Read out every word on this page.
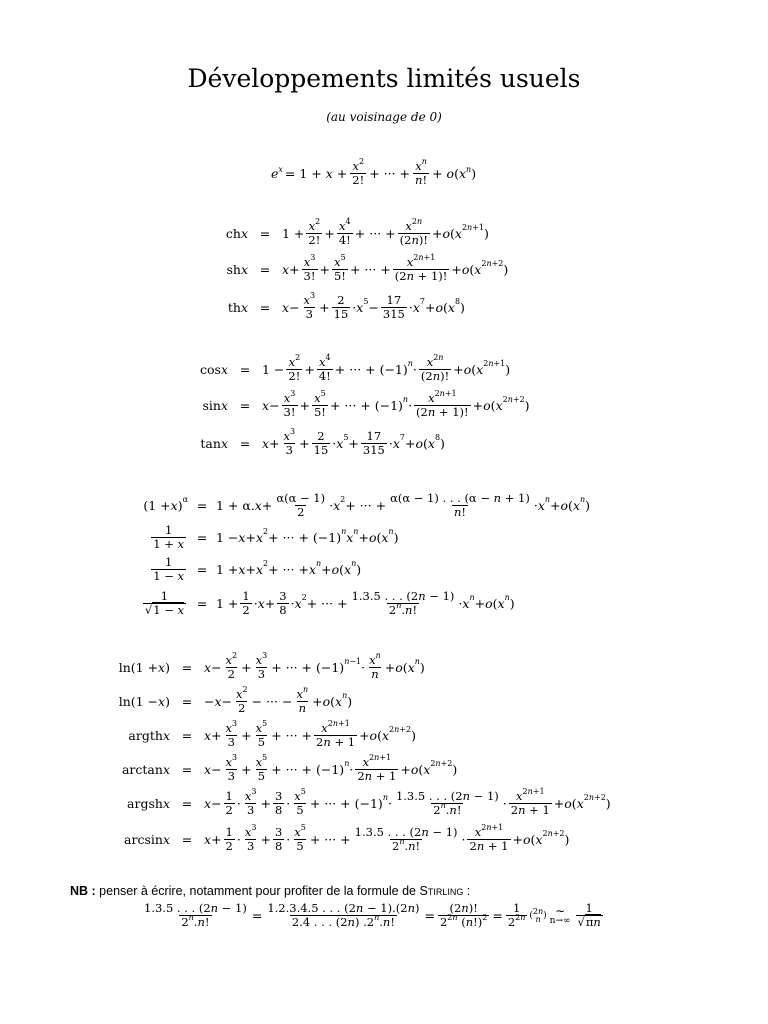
Développements limités usuels
(au voisinage de 0)
$e^x = 1 + x + \frac{x^2}{2!}$ + ··· + $\frac{x^n}{n!} + o(x^n)$
ch $x = 1 + \frac{x^2}{2!} + \frac{x^4}{4!}$ + ··· + $\frac{x^{2n}}{(2n)!} + o$ ( x 2n+1 )
sh $x = x + \frac{x^3}{3!} + \frac{x^5}{5!}$ + ··· + $\frac{x^{2n+1}}{(2n + 1)!} + o$ ( x 2n+2 )
th $x = x - \frac{x^3}{3} + \frac{2}{15} \cdot x$ $5 - \frac{17}{315} \cdot x$ 7 + o ( x 8 )
$\cos x = 1 - \frac{x^2}{2!} + \frac{x^4}{4!}$ + ··· + (−1) $n \cdot \frac{x^{2n}}{(2n)!} + o$ ( x 2n+1 )
$\sin x = x - \frac{x^3}{3!} + \frac{x^5}{5!}$ + ··· + (−1) $n \cdot \frac{x^{2n+1}}{(2n + 1)!} + o$ ( x 2n+2 )
$\tan x = x + \frac{x^3}{3} + \frac{2}{15} \cdot x$ $5 + \frac{17}{315} \cdot x$ 7 + o ( x 8 )
(1 + x ) α = 1 + α. $x + \frac{\alpha(\alpha - 1)}{2} \cdot x$ 2 + ··· + $\frac{\alpha(\alpha - 1) . . . (\alpha - n + 1)}{n!} \cdot x$ n + o ( x n )
$\frac{1}{1 + x} = 1 - x + x$ 2 + ··· + (−1) n x n + o ( x n )
$\frac{1}{1 - x} = 1 + x + x$ 2 + ··· + x n + o ( x n )
$\frac{1}{√1 - x} = 1 + \frac{1}{2} \cdot x + \frac{3}{8} \cdot x$ 2 + ··· + $\frac{1.3.5 . . . (2n - 1)}{2^n.n!} \cdot x$ n + o ( x n )
ln(1 + x ) = $x - \frac{x^2}{2} + \frac{x^3}{3}$ + ··· + (−1) $n-1 \cdot \frac{x^n}{n} + o$ ( x n )
ln(1 − x ) = − $x - \frac{x^2}{2}$ − ··· − $\frac{x^n}{n} + o$ ( x n )
argth $x = x + \frac{x^3}{3} + \frac{x^5}{5}$ + ··· + $\frac{x^{2n+1}}{2n + 1} + o$ ( x 2n+2 )
$\arctan x = x - \frac{x^3}{3} + \frac{x^5}{5}$ + ··· + (−1) $n \cdot \frac{x^{2n+1}}{2n + 1} + o$ ( x 2n+2 )
argsh $x = x - \frac{1}{2} \cdot \frac{x^3}{3} + \frac{3}{8} \cdot \frac{x^5}{5}$ + ··· + (−1) $n \cdot \frac{1.3.5 . . . (2n - 1)}{2^n.n!} \cdot \frac{x^{2n+1}}{2n + 1} + o$ ( x 2n+2 )
$\arcsin x = x + \frac{1}{2} \cdot \frac{x^3}{3} + \frac{3}{8} \cdot \frac{x^5}{5}$ + ··· + $\frac{1.3.5 . . . (2n - 1)}{2^n.n!} \cdot \frac{x^{2n+1}}{2n + 1} + o$ ( x 2n+2 )
NB : penser à écrire, notamment pour profiter de la formule de Stirling :
$\frac{1.3.5 . . . (2n - 1)}{2^n.n!} = \frac{1.2.3.4.5 . . . (2n - 1).(2n)}{2.4 . . . (2n) .2^n.n!} = \frac{(2n)!}{2^{2n} (n!)^2} = \frac{1}{2^{2n}}$ ( 2n
n ) ∼
$n\to\infty \frac{1}{√\pi n}$
